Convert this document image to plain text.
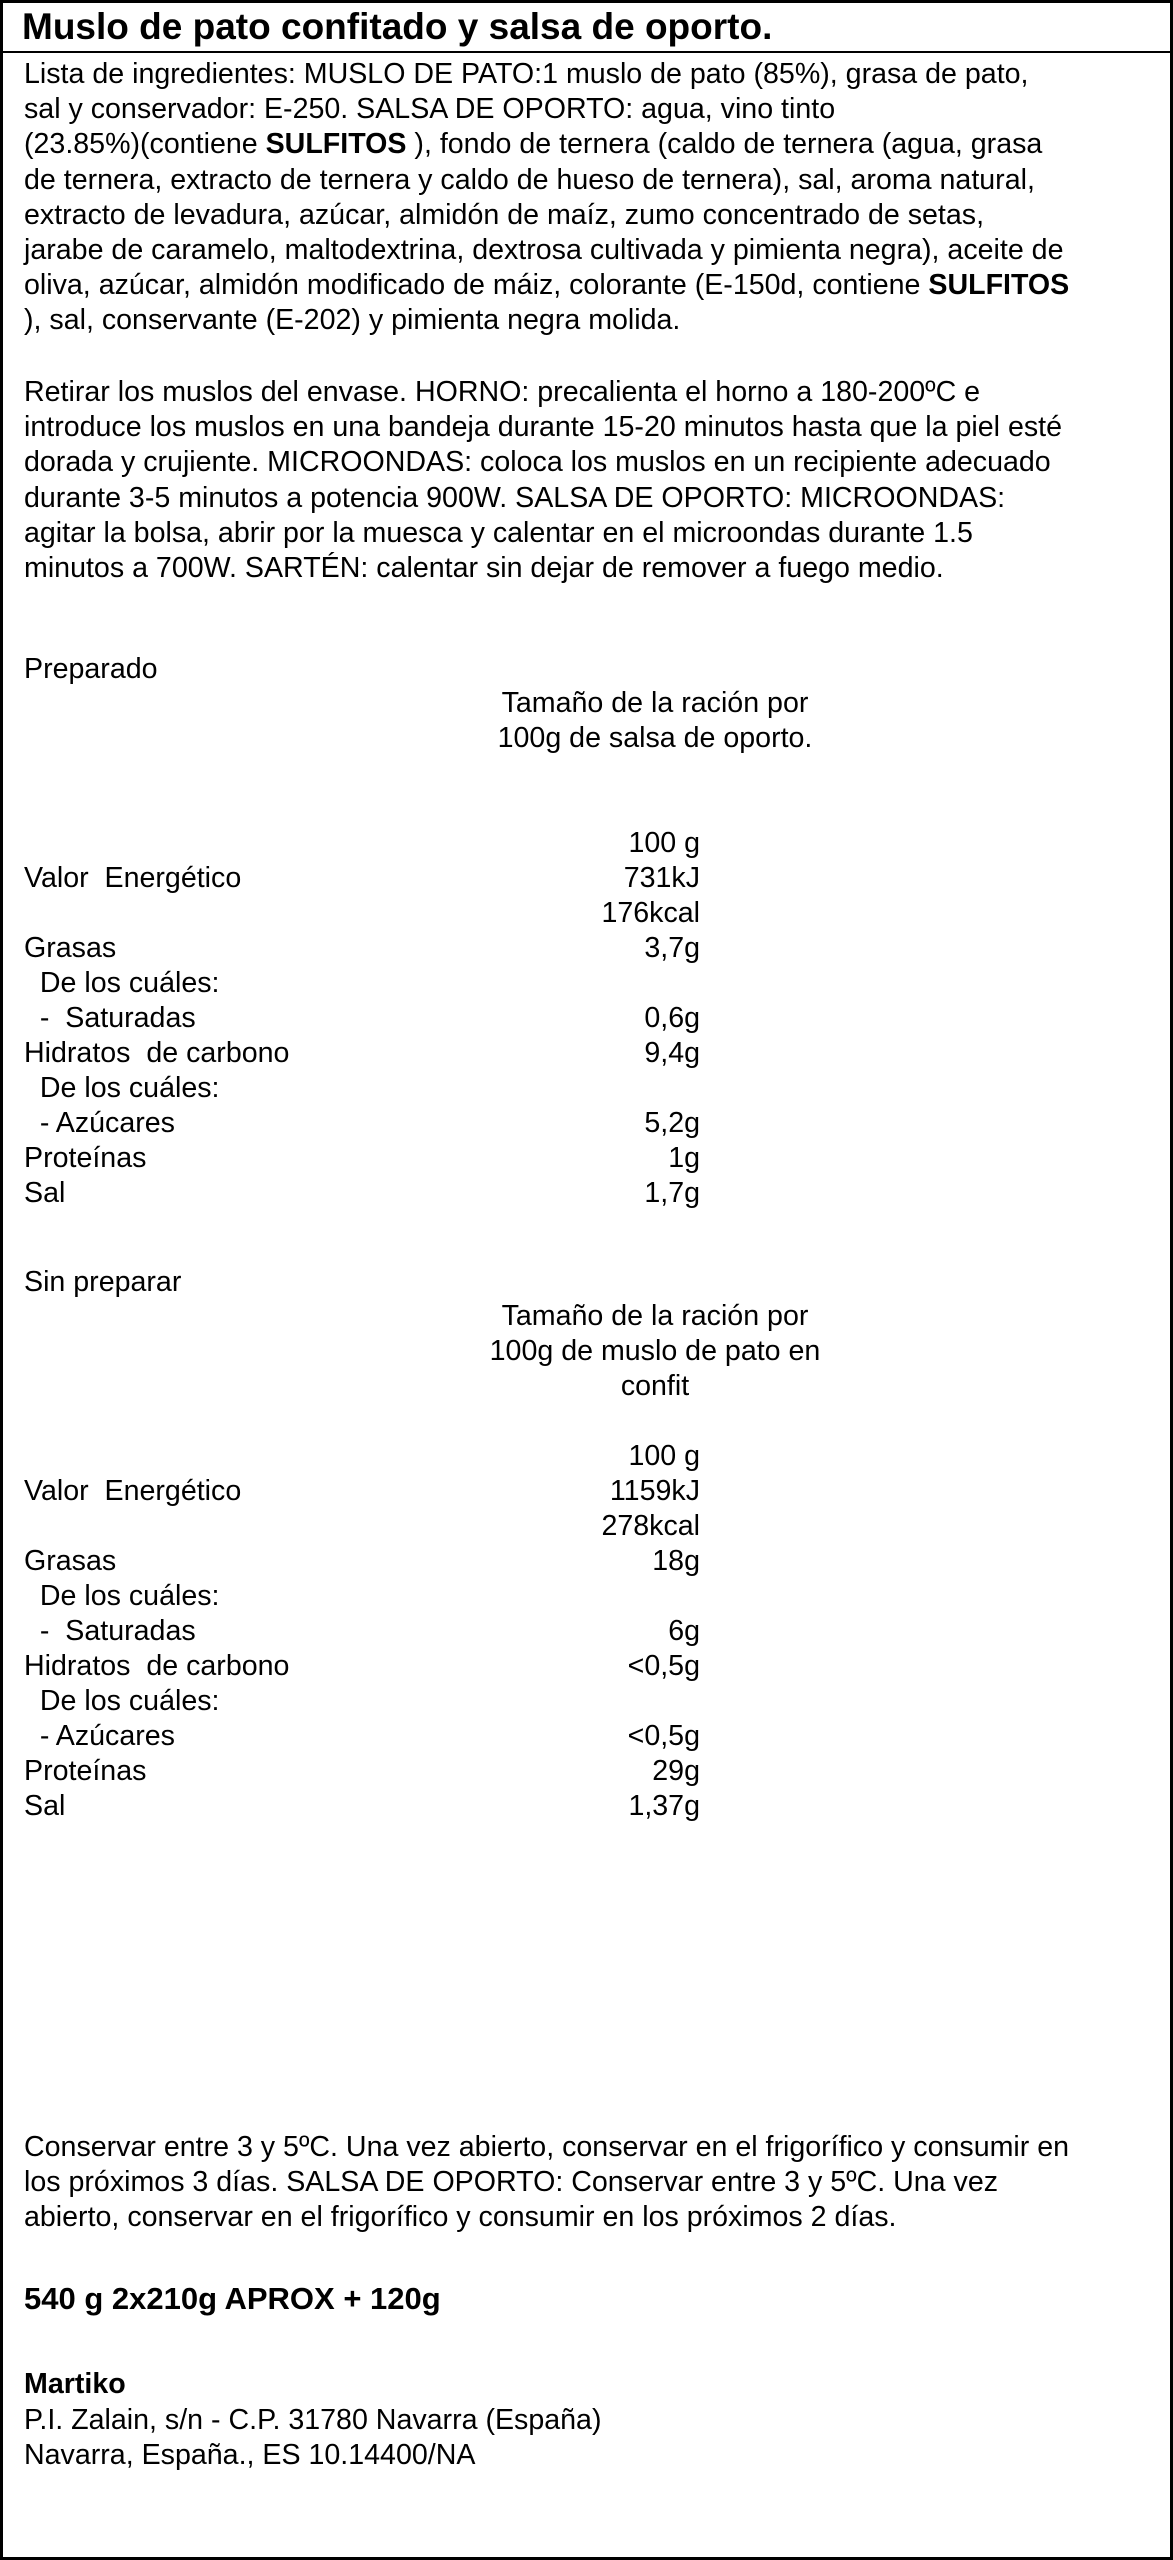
Muslo de pato confitado y salsa de oporto.

Lista de ingredientes: MUSLO DE PATO:1 muslo de pato (85%), grasa de pato,

sal y conservador: E-250. SALSA DE OPORTO: agua, vino tinto

(23.85%)(contiene SULFITOS ), fondo de ternera (caldo de ternera (agua, grasa

de ternera, extracto de ternera y caldo de hueso de ternera), sal, aroma natural,

extracto de levadura, azúcar, almidón de maíz, zumo concentrado de setas,

jarabe de caramelo, maltodextrina, dextrosa cultivada y pimienta negra), aceite de

oliva, azúcar, almidón modificado de máiz, colorante (E-150d, contiene SULFITOS

), sal, conservante (E-202) y pimienta negra molida.

Retirar los muslos del envase. HORNO: precalienta el horno a 180-200ºC e

introduce los muslos en una bandeja durante 15-20 minutos hasta que la piel esté

dorada y crujiente. MICROONDAS: coloca los muslos en un recipiente adecuado

durante 3-5 minutos a potencia 900W. SALSA DE OPORTO: MICROONDAS:

agitar la bolsa, abrir por la muesca y calentar en el microondas durante 1.5

minutos a 700W. SARTÉN: calentar sin dejar de remover a fuego medio.

Preparado
Tamaño de la ración por
100g de salsa de oporto.
100 g
Valor  Energético	731kJ
176kcal
Grasas	3,7g
De los cuáles:
-  Saturadas	0,6g
Hidratos  de carbono	9,4g
De los cuáles:
- Azúcares	5,2g
Proteínas	1g
Sal	1,7g
Sin preparar
Tamaño de la ración por
100g de muslo de pato en
confit
100 g
Valor  Energético	1159kJ
278kcal
Grasas	18g
De los cuáles:
-  Saturadas	6g
Hidratos  de carbono	<0,5g
De los cuáles:
- Azúcares	<0,5g
Proteínas	29g
Sal	1,37g

Conservar entre 3 y 5ºC. Una vez abierto, conservar en el frigorífico y consumir en

los próximos 3 días. SALSA DE OPORTO: Conservar entre 3 y 5ºC. Una vez

abierto, conservar en el frigorífico y consumir en los próximos 2 días.

540 g 2x210g APROX + 120g
Martiko
P.I. Zalain, s/n - C.P. 31780 Navarra (España)
Navarra, España., ES 10.14400/NA
